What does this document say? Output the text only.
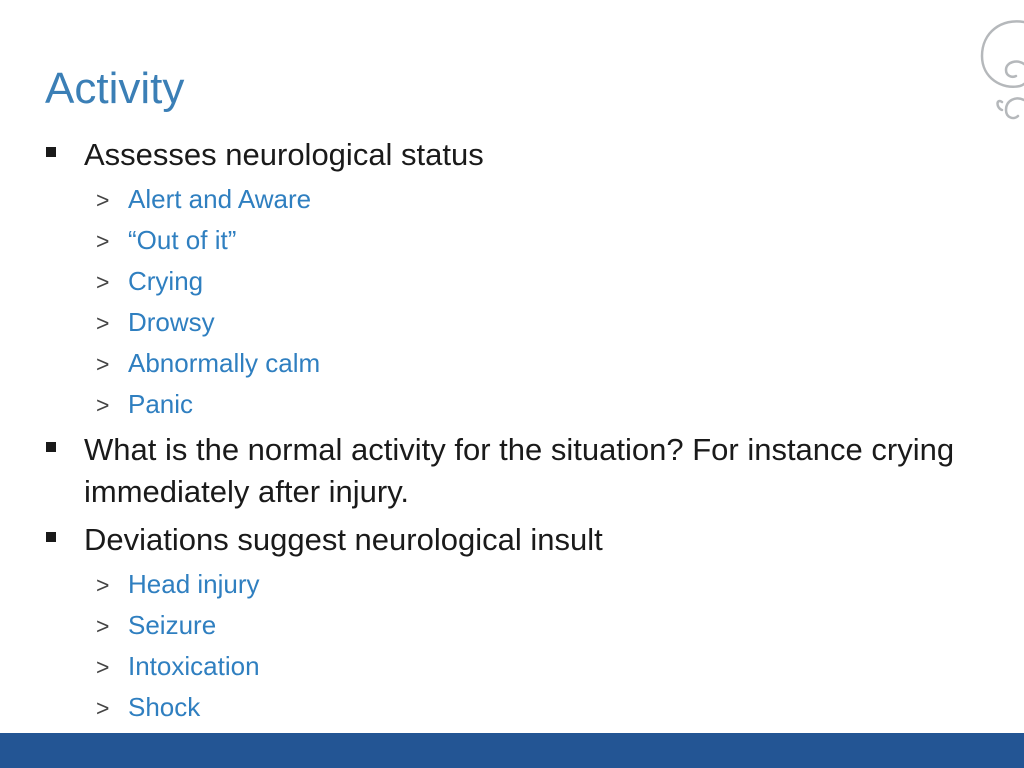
Activity
Assesses neurological status
> Alert and Aware
> “Out of it”
> Crying
> Drowsy
> Abnormally calm
> Panic
What is the normal activity for the situation? For instance crying immediately after injury.
Deviations suggest neurological insult
> Head injury
> Seizure
> Intoxication
> Shock
